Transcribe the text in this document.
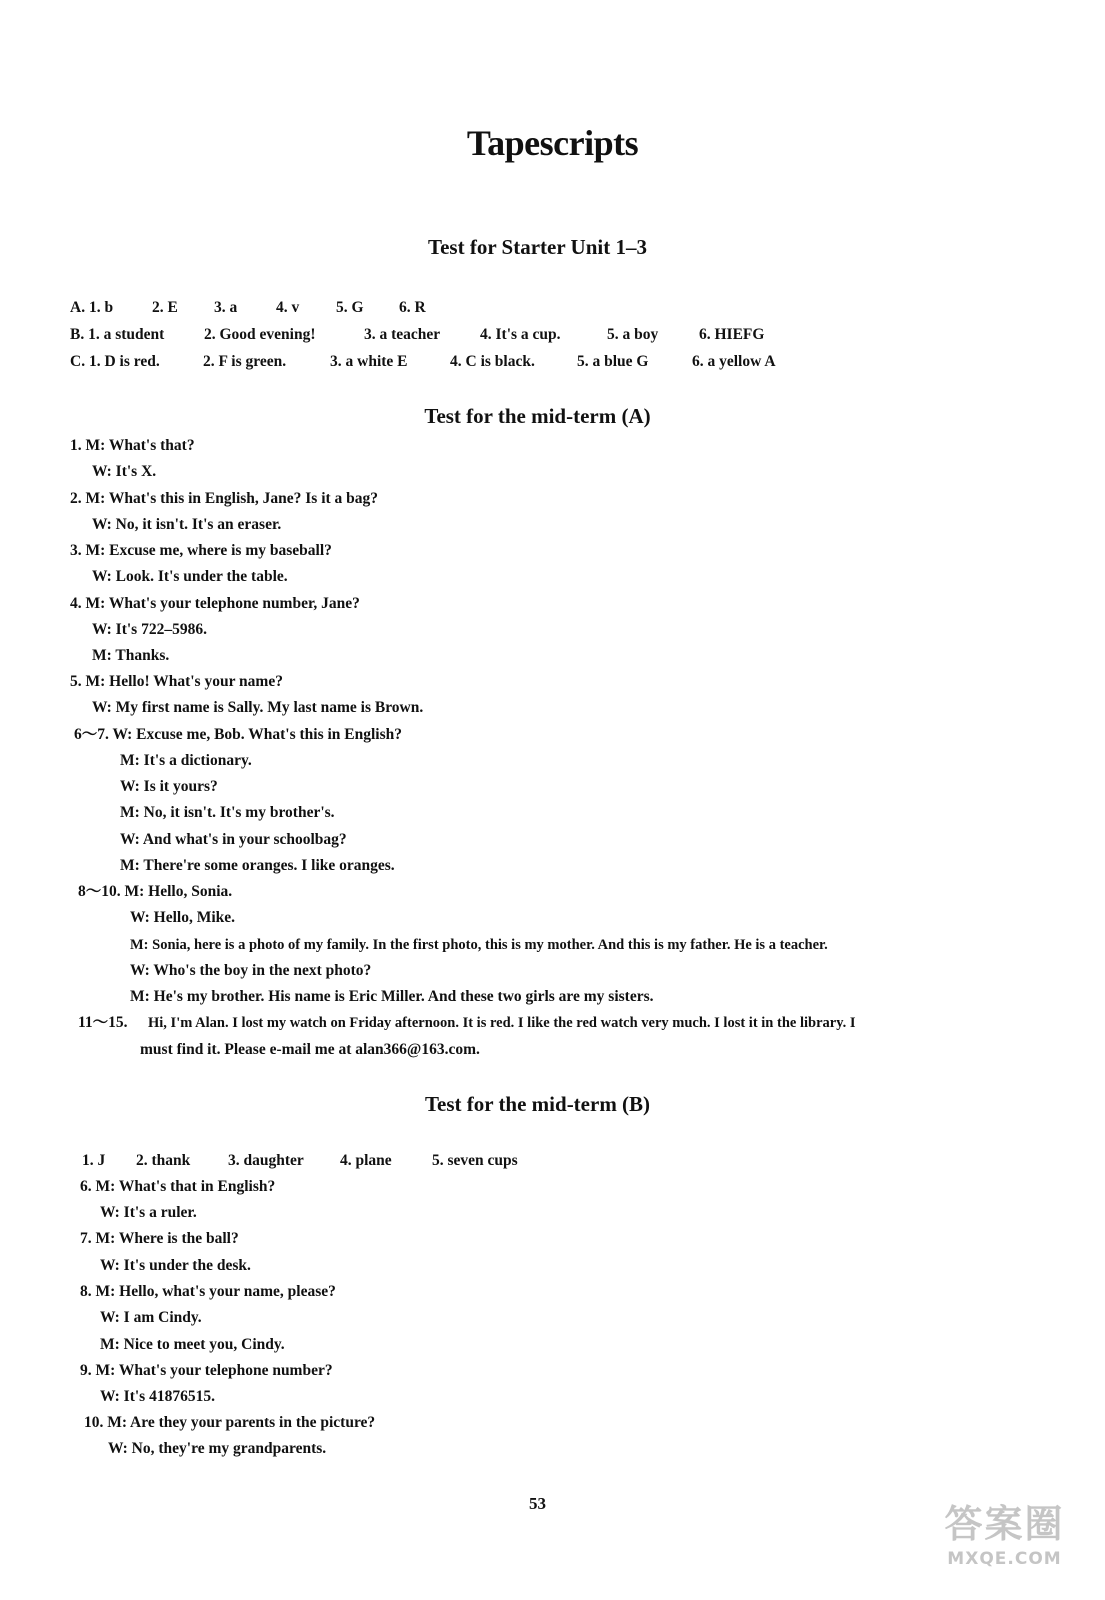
Tapescripts
Test for Starter Unit 1–3
A. 1. b	2. E 3. a	4. v 5. G 6. R
B. 1. a student	2. Good evening!	3. a teacher	4. It's a cup.	5. a boy	6. HIEFG
C. 1. D is red.	2. F is green.	3. a white E	4. C is black.	5. a blue G	6. a yellow A
Test for the mid-term (A)
1. M: What's that?
W: It's X.
2. M: What's this in English, Jane? Is it a bag?
W: No, it isn't. It's an eraser.
3. M: Excuse me, where is my baseball?
W: Look. It's under the table.
4. M: What's your telephone number, Jane?
W: It's 722–5986.
M: Thanks.
5. M: Hello! What's your name?
W: My first name is Sally. My last name is Brown.
6～7. W: Excuse me, Bob. What's this in English?
M: It's a dictionary.
W: Is it yours?
M: No, it isn't. It's my brother's.
W: And what's in your schoolbag?
M: There're some oranges. I like oranges.
8～10. M: Hello, Sonia.
W: Hello, Mike.
M: Sonia, here is a photo of my family. In the first photo, this is my mother. And this is my father. He is a teacher.
W: Who's the boy in the next photo?
M: He's my brother. His name is Eric Miller. And these two girls are my sisters.
11～15. Hi, I'm Alan. I lost my watch on Friday afternoon. It is red. I like the red watch very much. I lost it in the library. I
must find it. Please e-mail me at alan366@163.com.
Test for the mid-term (B)
1. J 2. thank 3. daughter 4. plane	5. seven cups
6. M: What's that in English?
W: It's a ruler.
7. M: Where is the ball?
W: It's under the desk.
8. M: Hello, what's your name, please?
W: I am Cindy.
M: Nice to meet you, Cindy.
9. M: What's your telephone number?
W: It's 41876515.
10. M: Are they your parents in the picture?
W: No, they're my grandparents.
53	答案圈
MXQE.COM
